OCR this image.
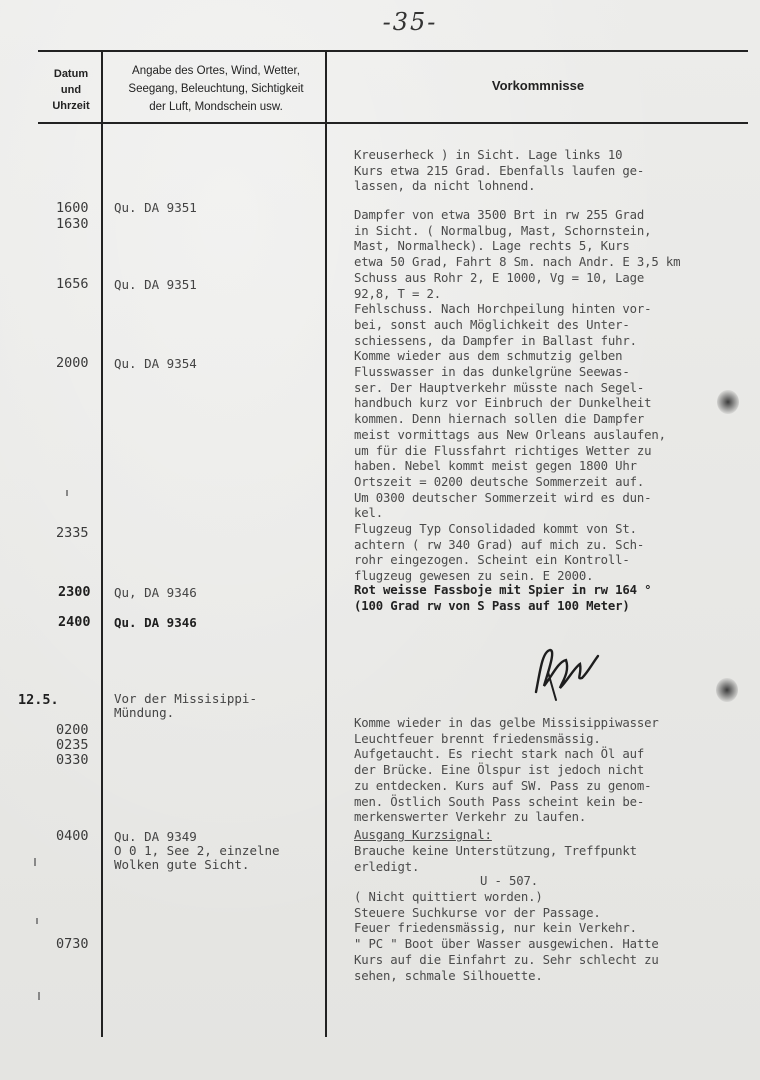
-35-
Datum
und
Uhrzeit
Angabe des Ortes, Wind, Wetter,
Seegang, Beleuchtung, Sichtigkeit
der Luft, Mondschein usw.
Vorkommnisse
1600
1630
1656
2000
2335
2300
2400
12.5.
0200
0235
0330
0400
0730
Qu. DA 9351
Qu. DA 9351
Qu. DA 9354
Qu, DA 9346
Qu. DA 9346
Vor der Missisippi-
Mündung.
Qu. DA 9349
O 0 1, See 2, einzelne
Wolken gute Sicht.
Kreuserheck ) in Sicht. Lage links 10
Kurs etwa 215 Grad. Ebenfalls laufen ge-
lassen, da nicht lohnend.
Dampfer von etwa 3500 Brt in rw 255 Grad
in Sicht. ( Normalbug, Mast, Schornstein,
Mast, Normalheck). Lage rechts 5, Kurs
etwa 50 Grad, Fahrt 8 Sm. nach Andr. E 3,5 km
Schuss aus Rohr 2, E 1000, Vg = 10, Lage
92,8, T = 2.
Fehlschuss. Nach Horchpeilung hinten vor-
bei, sonst auch Möglichkeit des Unter-
schiessens, da Dampfer in Ballast fuhr.
Komme wieder aus dem schmutzig gelben
Flusswasser in das dunkelgrüne Seewas-
ser. Der Hauptverkehr müsste nach Segel-
handbuch kurz vor Einbruch der Dunkelheit
kommen. Denn hiernach sollen die Dampfer
meist vormittags aus New Orleans auslaufen,
um für die Flussfahrt richtiges Wetter zu
haben. Nebel kommt meist gegen 1800 Uhr
Ortszeit = 0200 deutsche Sommerzeit auf.
Um 0300 deutscher Sommerzeit wird es dun-
kel.
Flugzeug Typ Consolidaded kommt von St.
achtern ( rw 340 Grad) auf mich zu. Sch-
rohr eingezogen. Scheint ein Kontroll-
flugzeug gewesen zu sein. E 2000.
Rot weisse Fassboje mit Spier in rw 164 °
(100 Grad rw von S Pass auf 100 Meter)
Komme wieder in das gelbe Missisippiwasser
Leuchtfeuer brennt friedensmässig.
Aufgetaucht. Es riecht stark nach Öl auf
der Brücke. Eine Ölspur ist jedoch nicht
zu entdecken. Kurs auf SW. Pass zu genom-
men. Östlich South Pass scheint kein be-
merkenswerter Verkehr zu laufen.
Ausgang Kurzsignal:
Brauche keine Unterstützung, Treffpunkt
erledigt.
U - 507.
( Nicht quittiert worden.)
Steuere Suchkurse vor der Passage.
Feuer friedensmässig, nur kein Verkehr.
" PC " Boot über Wasser ausgewichen. Hatte
Kurs auf die Einfahrt zu. Sehr schlecht zu
sehen, schmale Silhouette.
